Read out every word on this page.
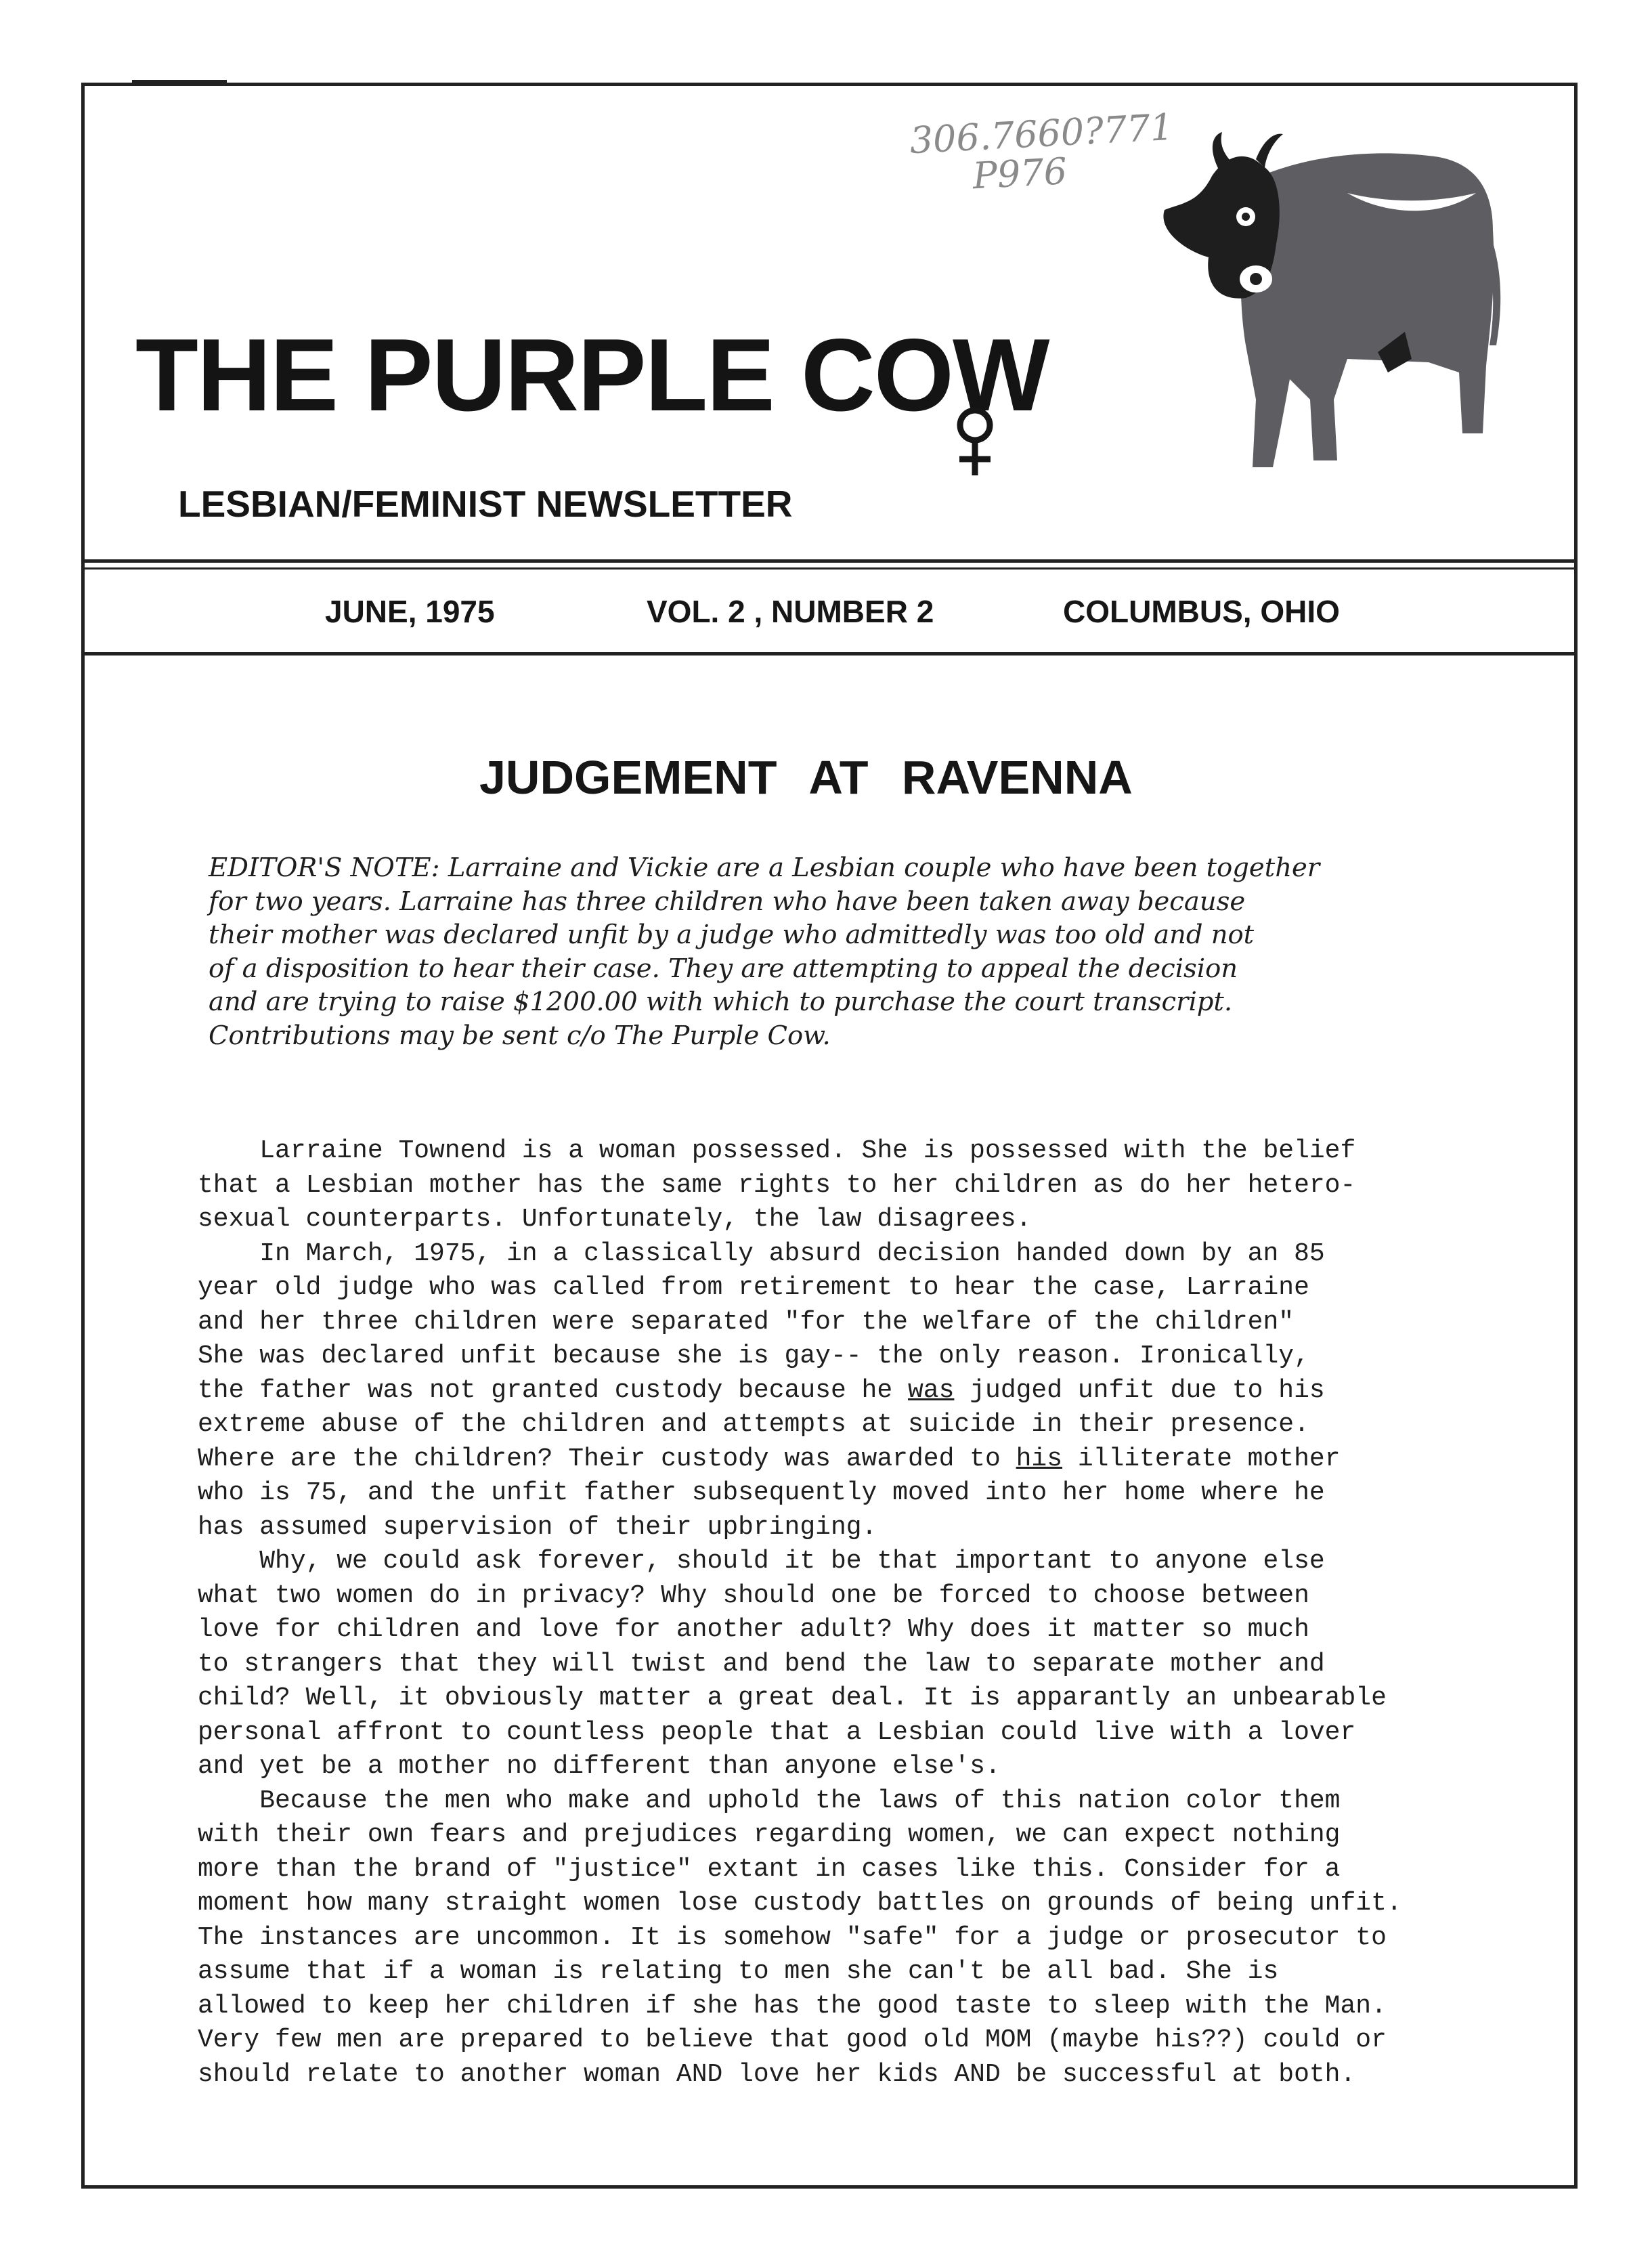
306.7660?771
P976
THE PURPLE COW
LESBIAN/FEMINIST NEWSLETTER
JUNE, 1975	VOL. 2 , NUMBER 2	COLUMBUS, OHIO
JUDGEMENT AT RAVENNA
EDITOR'S NOTE: Larraine and Vickie are a Lesbian couple who have been together
for two years. Larraine has three children who have been taken away because
their mother was declared unfit by a judge who admittedly was too old and not
of a disposition to hear their case. They are attempting to appeal the decision
and are trying to raise $1200.00 with which to purchase the court transcript.
Contributions may be sent c/o The Purple Cow.
Larraine Townend is a woman possessed. She is possessed with the belief
that a Lesbian mother has the same rights to her children as do her hetero-
sexual counterparts. Unfortunately, the law disagrees.
In March, 1975, in a classically absurd decision handed down by an 85
year old judge who was called from retirement to hear the case, Larraine
and her three children were separated "for the welfare of the children"
She was declared unfit because she is gay-- the only reason. Ironically,
the father was not granted custody because he was judged unfit due to his
extreme abuse of the children and attempts at suicide in their presence.
Where are the children? Their custody was awarded to his illiterate mother
who is 75, and the unfit father subsequently moved into her home where he
has assumed supervision of their upbringing.
Why, we could ask forever, should it be that important to anyone else
what two women do in privacy? Why should one be forced to choose between
love for children and love for another adult? Why does it matter so much
to strangers that they will twist and bend the law to separate mother and
child? Well, it obviously matter a great deal. It is apparantly an unbearable
personal affront to countless people that a Lesbian could live with a lover
and yet be a mother no different than anyone else's.
Because the men who make and uphold the laws of this nation color them
with their own fears and prejudices regarding women, we can expect nothing
more than the brand of "justice" extant in cases like this. Consider for a
moment how many straight women lose custody battles on grounds of being unfit.
The instances are uncommon. It is somehow "safe" for a judge or prosecutor to
assume that if a woman is relating to men she can't be all bad. She is
allowed to keep her children if she has the good taste to sleep with the Man.
Very few men are prepared to believe that good old MOM (maybe his??) could or
should relate to another woman AND love her kids AND be successful at both.
